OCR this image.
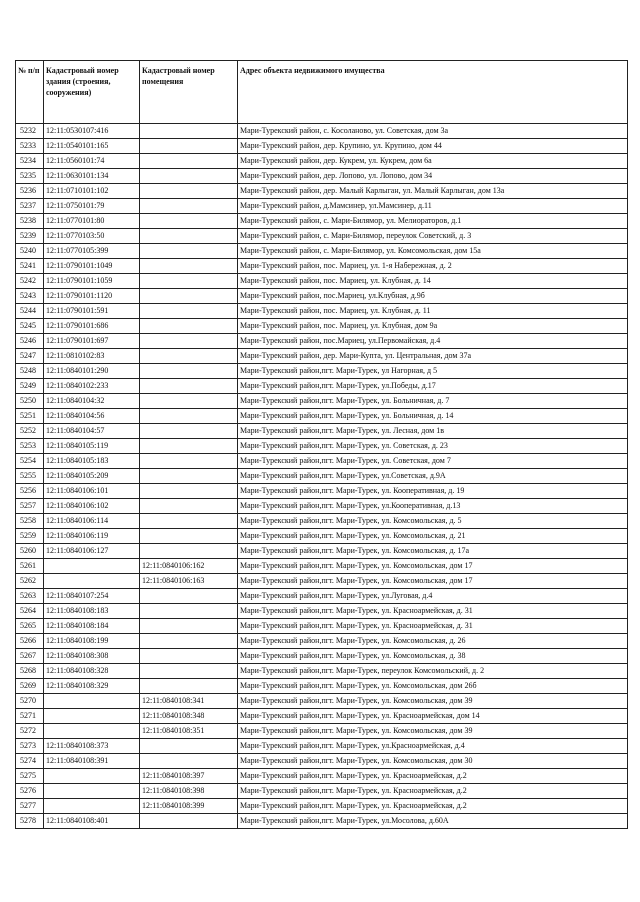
№ п/п	Кадастровый номер здания (строения, сооружения)	Кадастровый номер помещения	Адрес объекта недвижимого имущества
5232	12:11:0530107:416		Мари-Турекский район, с. Косоланово, ул. Советская, дом 3а
5233	12:11:0540101:165		Мари-Турекский район, дер. Крупино, ул. Крупино, дом 44
5234	12:11:0560101:74		Мари-Турекский район, дер. Кукрем, ул. Кукрем, дом 6а
5235	12:11:0630101:134		Мари-Турекский район, дер. Лопово, ул. Лопово, дом 34
5236	12:11:0710101:102		Мари-Турекский район, дер. Малый Карлыган, ул. Малый Карлыган, дом 13а
5237	12:11:0750101:79		Мари-Турекский район, д.Мамсинер, ул.Мамсинер, д.11
5238	12:11:0770101:80		Мари-Турекский район, с. Мари-Билямор, ул. Мелиораторов, д.1
5239	12:11:0770103:50		Мари-Турекский район, с. Мари-Билямор, переулок Советский, д. 3
5240	12:11:0770105:399		Мари-Турекский район, с. Мари-Билямор, ул. Комсомольская, дом 15а
5241	12:11:0790101:1049		Мари-Турекский район, пос. Мариец, ул. 1-я Набережная, д. 2
5242	12:11:0790101:1059		Мари-Турекский район, пос. Мариец, ул. Клубная, д. 14
5243	12:11:0790101:1120		Мари-Турекский район, пос.Мариец, ул.Клубная, д.9б
5244	12:11:0790101:591		Мари-Турекский район, пос. Мариец, ул. Клубная, д. 11
5245	12:11:0790101:686		Мари-Турекский район, пос. Мариец, ул. Клубная, дом 9а
5246	12:11:0790101:697		Мари-Турекский район, пос.Мариец, ул.Первомайская, д.4
5247	12:11:0810102:83		Мари-Турекский район, дер. Мари-Купта, ул. Центральная, дом 37а
5248	12:11:0840101:290		Мари-Турекский район,пгт. Мари-Турек, ул Нагорная, д 5
5249	12:11:0840102:233		Мари-Турекский район,пгт. Мари-Турек, ул.Победы, д.17
5250	12:11:0840104:32		Мари-Турекский район,пгт. Мари-Турек, ул. Больничная, д. 7
5251	12:11:0840104:56		Мари-Турекский район,пгт. Мари-Турек, ул. Больничная, д. 14
5252	12:11:0840104:57		Мари-Турекский район,пгт. Мари-Турек, ул. Лесная, дом 1в
5253	12:11:0840105:119		Мари-Турекский район,пгт. Мари-Турек, ул. Советская, д. 23
5254	12:11:0840105:183		Мари-Турекский район,пгт. Мари-Турек, ул. Советская, дом 7
5255	12:11:0840105:209		Мари-Турекский район,пгт. Мари-Турек, ул.Советская, д.9А
5256	12:11:0840106:101		Мари-Турекский район,пгт. Мари-Турек, ул. Кооперативная, д. 19
5257	12:11:0840106:102		Мари-Турекский район,пгт. Мари-Турек, ул.Кооперативная, д.13
5258	12:11:0840106:114		Мари-Турекский район,пгт. Мари-Турек, ул. Комсомольская, д. 5
5259	12:11:0840106:119		Мари-Турекский район,пгт. Мари-Турек, ул. Комсомольская, д. 21
5260	12:11:0840106:127		Мари-Турекский район,пгт. Мари-Турек, ул. Комсомольская, д. 17а
5261		12:11:0840106:162	Мари-Турекский район,пгт. Мари-Турек, ул. Комсомольская, дом 17
5262		12:11:0840106:163	Мари-Турекский район,пгт. Мари-Турек, ул. Комсомольская, дом 17
5263	12:11:0840107:254		Мари-Турекский район,пгт. Мари-Турек, ул.Луговая, д.4
5264	12:11:0840108:183		Мари-Турекский район,пгт. Мари-Турек, ул. Красноармейская, д. 31
5265	12:11:0840108:184		Мари-Турекский район,пгт. Мари-Турек, ул. Красноармейская, д. 31
5266	12:11:0840108:199		Мари-Турекский район,пгт. Мари-Турек, ул. Комсомольская, д. 26
5267	12:11:0840108:308		Мари-Турекский район,пгт. Мари-Турек, ул. Комсомольская, д. 38
5268	12:11:0840108:328		Мари-Турекский район,пгт. Мари-Турек, переулок Комсомольский, д. 2
5269	12:11:0840108:329		Мари-Турекский район,пгт. Мари-Турек, ул. Комсомольская, дом 26б
5270		12:11:0840108:341	Мари-Турекский район,пгт. Мари-Турек, ул. Комсомольская, дом 39
5271		12:11:0840108:348	Мари-Турекский район,пгт. Мари-Турек, ул. Красноармейская, дом 14
5272		12:11:0840108:351	Мари-Турекский район,пгт. Мари-Турек, ул. Комсомольская, дом 39
5273	12:11:0840108:373		Мари-Турекский район,пгт. Мари-Турек, ул.Красноармейская, д.4
5274	12:11:0840108:391		Мари-Турекский район,пгт. Мари-Турек, ул. Комсомольская, дом 30
5275		12:11:0840108:397	Мари-Турекский район,пгт. Мари-Турек, ул. Красноармейская, д.2
5276		12:11:0840108:398	Мари-Турекский район,пгт. Мари-Турек, ул. Красноармейская, д.2
5277		12:11:0840108:399	Мари-Турекский район,пгт. Мари-Турек, ул. Красноармейская, д.2
5278	12:11:0840108:401		Мари-Турекский район,пгт. Мари-Турек, ул.Мосолова, д.60А
